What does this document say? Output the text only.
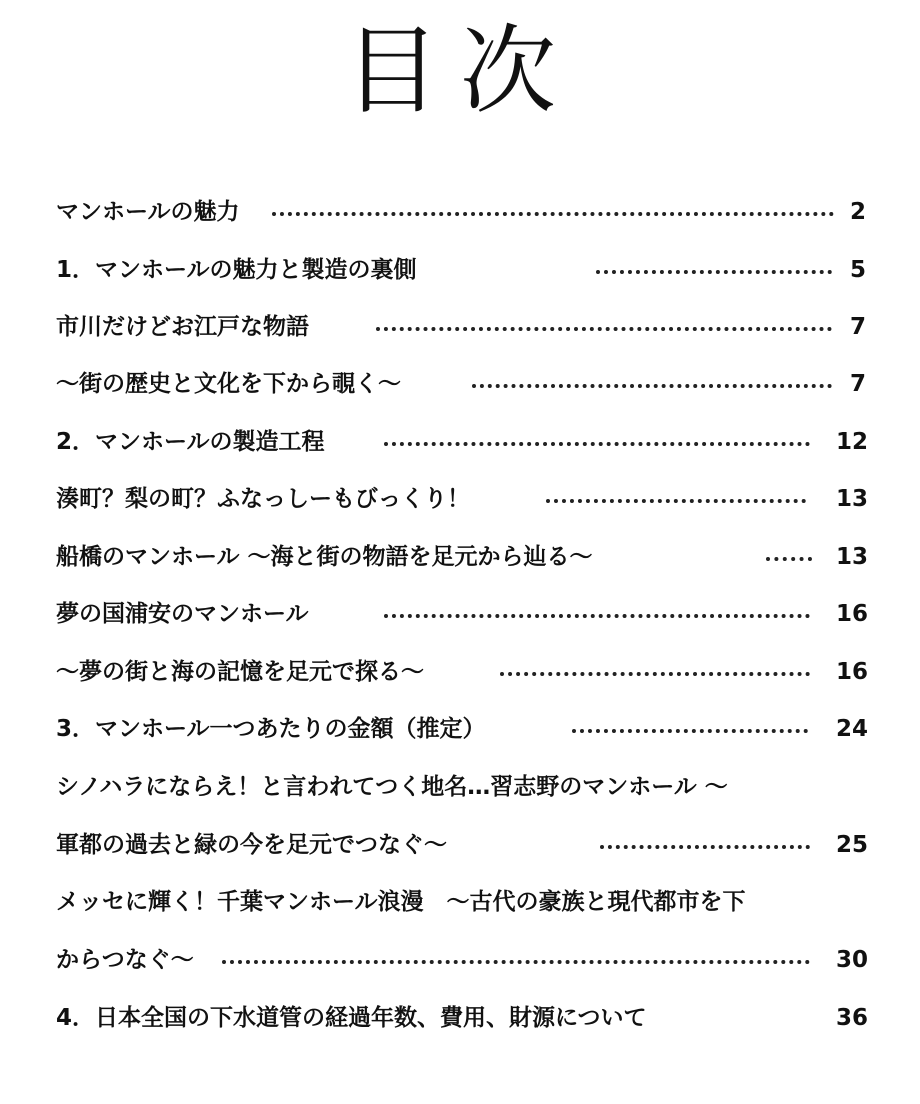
目次
マンホールの魅力	2
1．マンホールの魅力と製造の裏側	5
市川だけどお江戸な物語	7
～街の歴史と文化を下から覗く～	7
2．マンホールの製造工程	12
湊町？梨の町？ふなっしーもびっくり！	13
船橋のマンホール ～海と街の物語を足元から辿る～	13
夢の国浦安のマンホール	16
～夢の街と海の記憶を足元で探る～	16
3．マンホール一つあたりの金額（推定）	24
シノハラにならえ！と言われてつく地名…習志野のマンホール ～
軍都の過去と緑の今を足元でつなぐ～	25
メッセに輝く！千葉マンホール浪漫　～古代の豪族と現代都市を下
からつなぐ～	30
4．日本全国の下水道管の経過年数、費用、財源について	36
